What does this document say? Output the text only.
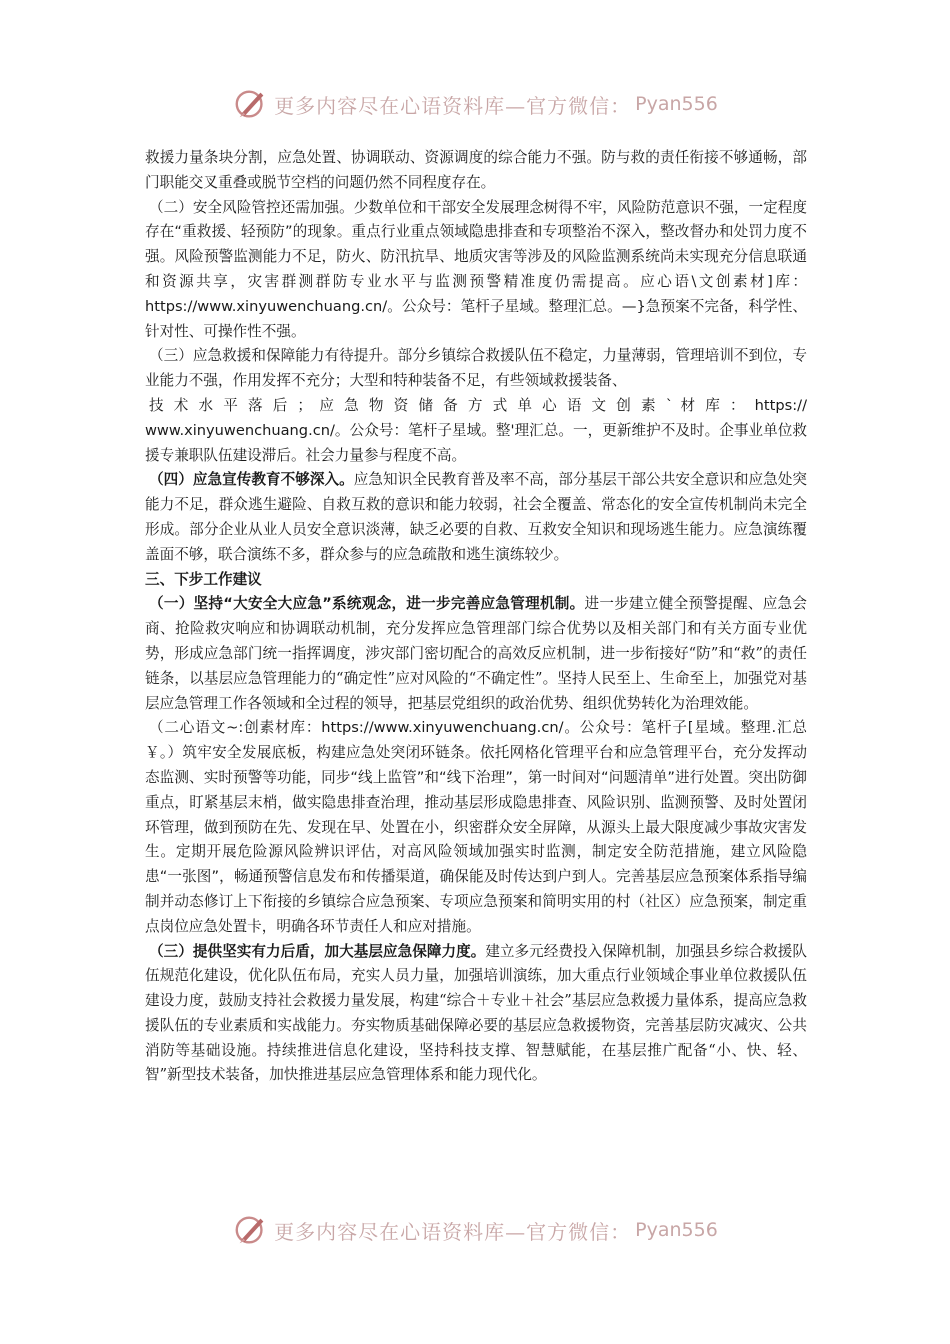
更多内容尽在心语资料库—官方微信： Pyan556

救援力量条块分割，应急处置、协调联动、资源调度的综合能力不强。防与救的责任衔接不够通畅，部门职能交叉重叠或脱节空档的问题仍然不同程度存在。

（二）安全风险管控还需加强。少数单位和干部安全发展理念树得不牢，风险防范意识不强，一定程度存在“重救援、轻预防”的现象。重点行业重点领域隐患排查和专项整治不深入，整改督办和处罚力度不强。风险预警监测能力不足，防火、防汛抗旱、地质灾害等涉及的风险监测系统尚未实现充分信息联通和资源共享，灾害群测群防专业水平与监测预警精准度仍需提高。应心语\文创素材]库：https://www.xinyuwenchuang.cn/。公众号：笔杆子星域。整理汇总。—}急预案不完备，科学性、针对性、可操作性不强。

（三）应急救援和保障能力有待提升。部分乡镇综合救援队伍不稳定，力量薄弱，管理培训不到位，专业能力不强，作用发挥不充分；大型和特种装备不足，有些领域救援装备、
技 术 水 平 落 后 ； 应 急 物 资 储 备 方 式 单 心 语 文 创 素 ` 材 库 ： https://
www.xinyuwenchuang.cn/。公众号：笔杆子星域。整'理汇总。一，更新维护不及时。企事业单位救援专兼职队伍建设滞后。社会力量参与程度不高。

（四）应急宣传教育不够深入。应急知识全民教育普及率不高，部分基层干部公共安全意识和应急处突能力不足，群众逃生避险、自救互救的意识和能力较弱，社会全覆盖、常态化的安全宣传机制尚未完全形成。部分企业从业人员安全意识淡薄，缺乏必要的自救、互救安全知识和现场逃生能力。应急演练覆盖面不够，联合演练不多，群众参与的应急疏散和逃生演练较少。

三、下步工作建议

（一）坚持“大安全大应急”系统观念，进一步完善应急管理机制。进一步建立健全预警提醒、应急会商、抢险救灾响应和协调联动机制，充分发挥应急管理部门综合优势以及相关部门和有关方面专业优势，形成应急部门统一指挥调度，涉灾部门密切配合的高效反应机制，进一步衔接好“防”和“救”的责任链条，以基层应急管理能力的“确定性”应对风险的“不确定性”。坚持人民至上、生命至上，加强党对基层应急管理工作各领域和全过程的领导，把基层党组织的政治优势、组织优势转化为治理效能。

（二心语文~:创素材库：https://www.xinyuwenchuang.cn/。公众号：笔杆子[星域。整理.汇总￥。）筑牢安全发展底板，构建应急处突闭环链条。依托网格化管理平台和应急管理平台，充分发挥动态监测、实时预警等功能，同步“线上监管”和“线下治理”，第一时间对“问题清单”进行处置。突出防御重点，盯紧基层末梢，做实隐患排查治理，推动基层形成隐患排查、风险识别、监测预警、及时处置闭环管理，做到预防在先、发现在早、处置在小，织密群众安全屏障，从源头上最大限度减少事故灾害发生。定期开展危险源风险辨识评估，对高风险领域加强实时监测，制定安全防范措施，建立风险隐患“一张图”，畅通预警信息发布和传播渠道，确保能及时传达到户到人。完善基层应急预案体系指导编制并动态修订上下衔接的乡镇综合应急预案、专项应急预案和简明实用的村（社区）应急预案，制定重点岗位应急处置卡，明确各环节责任人和应对措施。

（三）提供坚实有力后盾，加大基层应急保障力度。建立多元经费投入保障机制，加强县乡综合救援队伍规范化建设，优化队伍布局，充实人员力量，加强培训演练，加大重点行业领域企事业单位救援队伍建设力度，鼓励支持社会救援力量发展，构建“综合＋专业＋社会”基层应急救援力量体系，提高应急救援队伍的专业素质和实战能力。夯实物质基础保障必要的基层应急救援物资，完善基层防灾减灾、公共消防等基础设施。持续推进信息化建设，坚持科技支撑、智慧赋能，在基层推广配备“小、快、轻、智”新型技术装备，加快推进基层应急管理体系和能力现代化。

更多内容尽在心语资料库—官方微信： Pyan556
